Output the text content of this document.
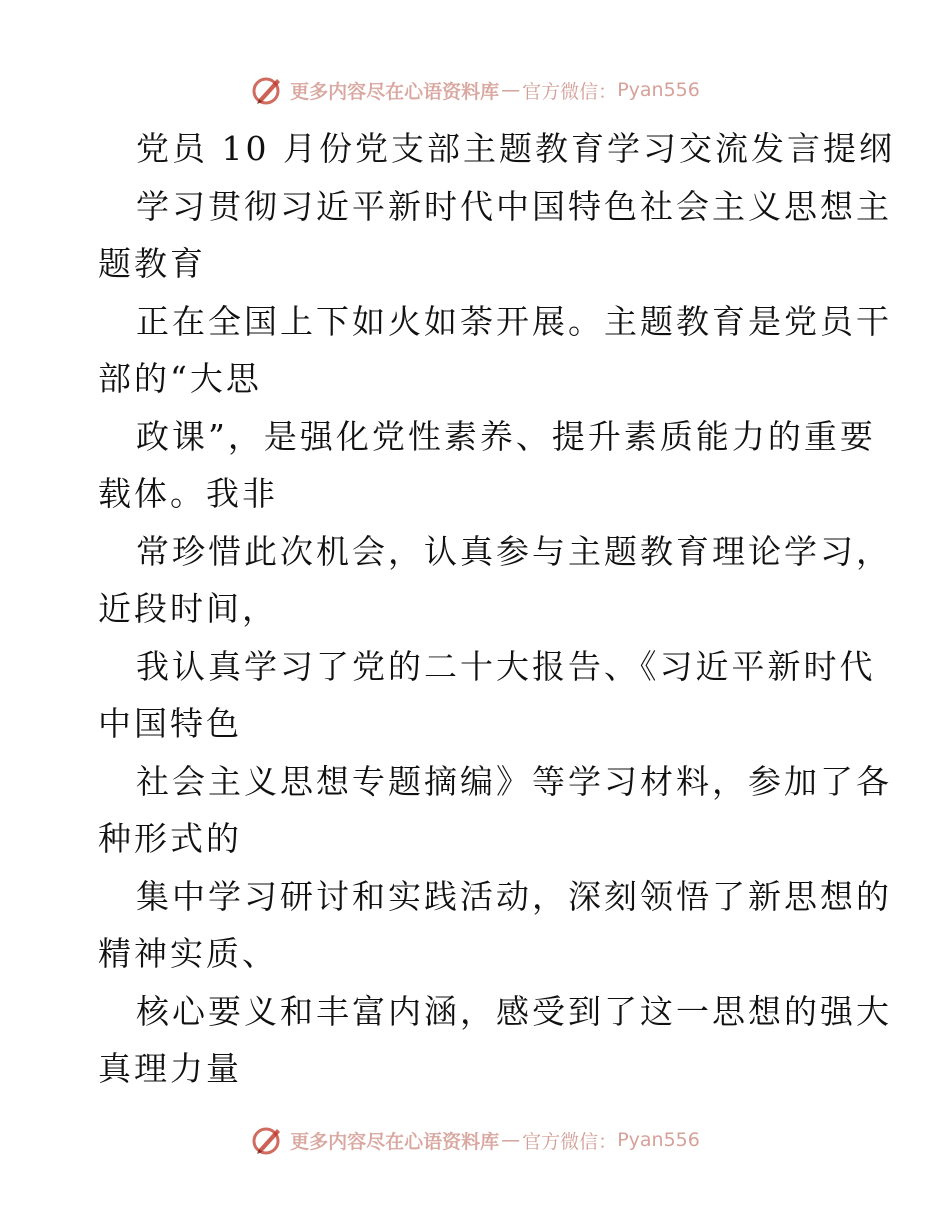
更多内容尽在心语资料库 — 官方微信： Pyan556
党员 10 月份党支部主题教育学习交流发言提纲
学习贯彻习近平新时代中国特色社会主义思想主
题教育
正在全国上下如火如荼开展。主题教育是党员干
部的“大思
政课”，是强化党性素养、提升素质能力的重要
载体。我非
常珍惜此次机会，认真参与主题教育理论学习，
近段时间，
我认真学习了党的二十大报告、《习近平新时代
中国特色
社会主义思想专题摘编》等学习材料，参加了各
种形式的
集中学习研讨和实践活动，深刻领悟了新思想的
精神实质、
核心要义和丰富内涵，感受到了这一思想的强大
真理力量
更多内容尽在心语资料库 — 官方微信： Pyan556
